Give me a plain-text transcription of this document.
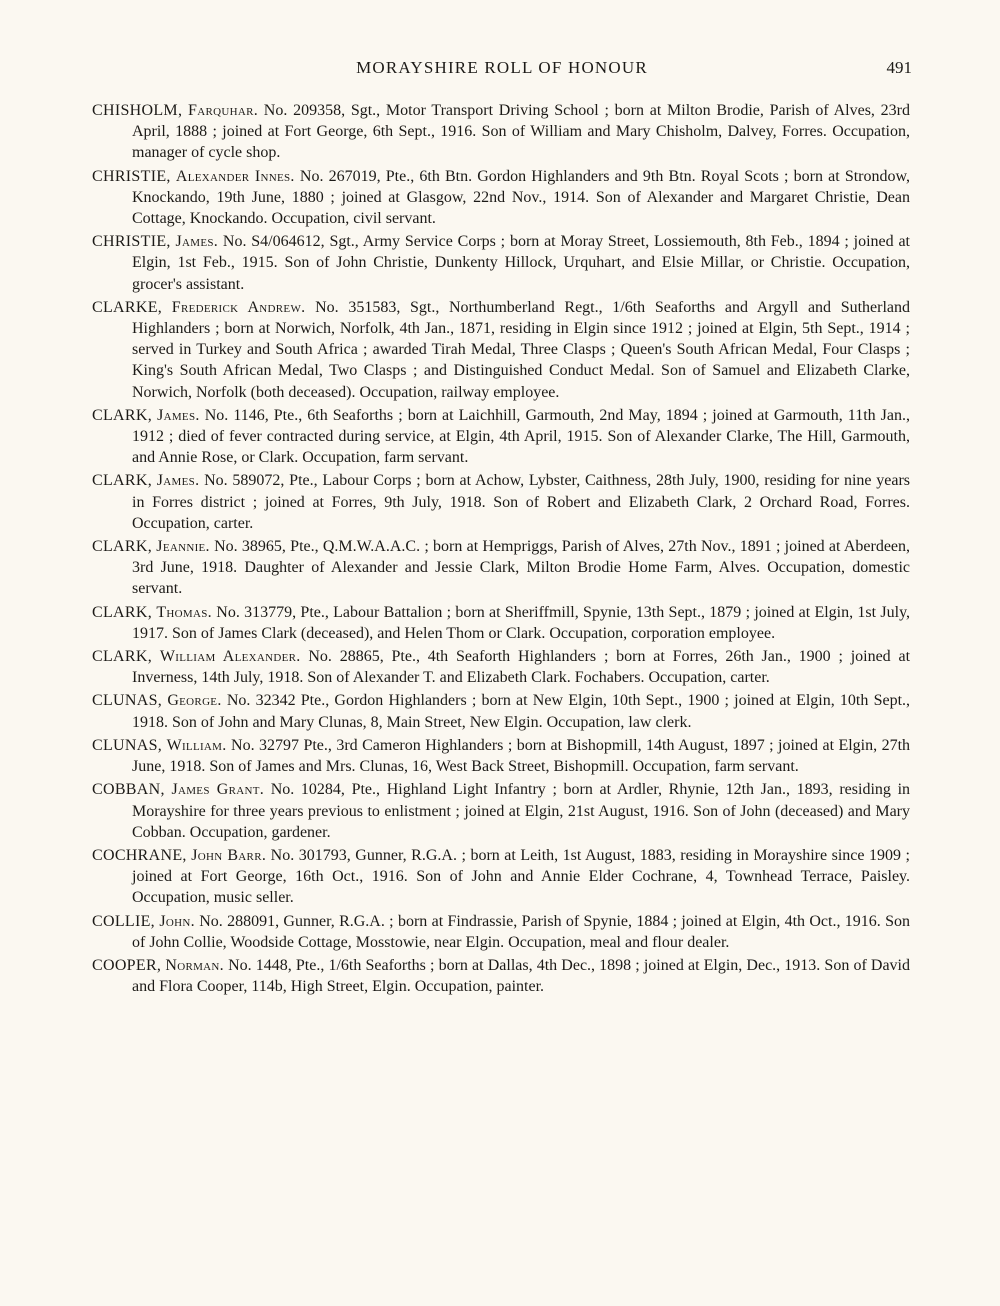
MORAYSHIRE ROLL OF HONOUR	491

CHISHOLM, Farquhar. No. 209358, Sgt., Motor Transport Driving School ; born at Milton Brodie, Parish of Alves, 23rd April, 1888 ; joined at Fort George, 6th Sept., 1916. Son of William and Mary Chisholm, Dalvey, Forres. Occupation, manager of cycle shop.

CHRISTIE, Alexander Innes. No. 267019, Pte., 6th Btn. Gordon Highlanders and 9th Btn. Royal Scots ; born at Strondow, Knockando, 19th June, 1880 ; joined at Glasgow, 22nd Nov., 1914. Son of Alexander and Margaret Christie, Dean Cottage, Knockando. Occupation, civil servant.

CHRISTIE, James. No. S4/064612, Sgt., Army Service Corps ; born at Moray Street, Lossiemouth, 8th Feb., 1894 ; joined at Elgin, 1st Feb., 1915. Son of John Christie, Dunkenty Hillock, Urquhart, and Elsie Millar, or Christie. Occupation, grocer's assistant.

CLARKE, Frederick Andrew. No. 351583, Sgt., Northumberland Regt., 1/6th Seaforths and Argyll and Sutherland Highlanders ; born at Norwich, Norfolk, 4th Jan., 1871, residing in Elgin since 1912 ; joined at Elgin, 5th Sept., 1914 ; served in Turkey and South Africa ; awarded Tirah Medal, Three Clasps ; Queen's South African Medal, Four Clasps ; King's South African Medal, Two Clasps ; and Distinguished Conduct Medal. Son of Samuel and Elizabeth Clarke, Norwich, Norfolk (both deceased). Occupation, railway employee.

CLARK, James. No. 1146, Pte., 6th Seaforths ; born at Laichhill, Garmouth, 2nd May, 1894 ; joined at Garmouth, 11th Jan., 1912 ; died of fever contracted during service, at Elgin, 4th April, 1915. Son of Alexander Clarke, The Hill, Garmouth, and Annie Rose, or Clark. Occupation, farm servant.

CLARK, James. No. 589072, Pte., Labour Corps ; born at Achow, Lybster, Caithness, 28th July, 1900, residing for nine years in Forres district ; joined at Forres, 9th July, 1918. Son of Robert and Elizabeth Clark, 2 Orchard Road, Forres. Occupation, carter.

CLARK, Jeannie. No. 38965, Pte., Q.M.W.A.A.C. ; born at Hempriggs, Parish of Alves, 27th Nov., 1891 ; joined at Aberdeen, 3rd June, 1918. Daughter of Alexander and Jessie Clark, Milton Brodie Home Farm, Alves. Occupation, domestic servant.

CLARK, Thomas. No. 313779, Pte., Labour Battalion ; born at Sheriffmill, Spynie, 13th Sept., 1879 ; joined at Elgin, 1st July, 1917. Son of James Clark (deceased), and Helen Thom or Clark. Occupation, corporation employee.

CLARK, William Alexander. No. 28865, Pte., 4th Seaforth Highlanders ; born at Forres, 26th Jan., 1900 ; joined at Inverness, 14th July, 1918. Son of Alexander T. and Elizabeth Clark. Fochabers. Occupation, carter.

CLUNAS, George. No. 32342 Pte., Gordon Highlanders ; born at New Elgin, 10th Sept., 1900 ; joined at Elgin, 10th Sept., 1918. Son of John and Mary Clunas, 8, Main Street, New Elgin. Occupation, law clerk.

CLUNAS, William. No. 32797 Pte., 3rd Cameron Highlanders ; born at Bishopmill, 14th August, 1897 ; joined at Elgin, 27th June, 1918. Son of James and Mrs. Clunas, 16, West Back Street, Bishopmill. Occupation, farm servant.

COBBAN, James Grant. No. 10284, Pte., Highland Light Infantry ; born at Ardler, Rhynie, 12th Jan., 1893, residing in Morayshire for three years previous to enlistment ; joined at Elgin, 21st August, 1916. Son of John (deceased) and Mary Cobban. Occupation, gardener.

COCHRANE, John Barr. No. 301793, Gunner, R.G.A. ; born at Leith, 1st August, 1883, residing in Morayshire since 1909 ; joined at Fort George, 16th Oct., 1916. Son of John and Annie Elder Cochrane, 4, Townhead Terrace, Paisley. Occupation, music seller.

COLLIE, John. No. 288091, Gunner, R.G.A. ; born at Findrassie, Parish of Spynie, 1884 ; joined at Elgin, 4th Oct., 1916. Son of John Collie, Woodside Cottage, Mosstowie, near Elgin. Occupation, meal and flour dealer.

COOPER, Norman. No. 1448, Pte., 1/6th Seaforths ; born at Dallas, 4th Dec., 1898 ; joined at Elgin, Dec., 1913. Son of David and Flora Cooper, 114b, High Street, Elgin. Occupation, painter.
